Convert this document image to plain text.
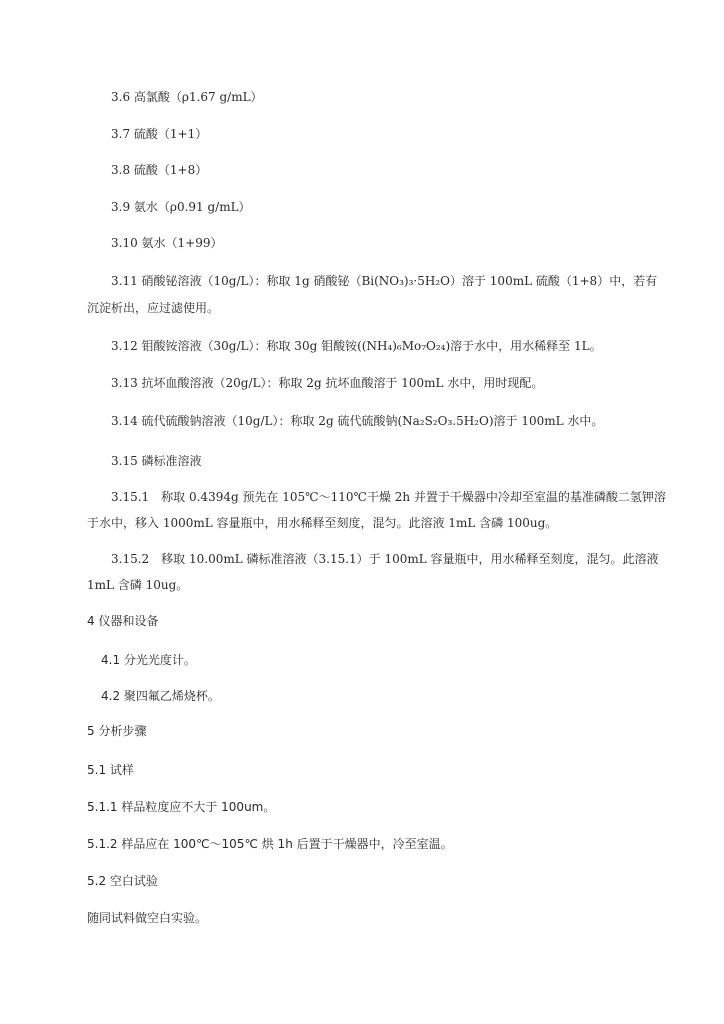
3.6 高氯酸（ρ1.67 g/mL）
3.7 硫酸（1+1）
3.8 硫酸（1+8）
3.9 氨水（ρ0.91 g/mL）
3.10 氨水（1+99）
3.11 硝酸铋溶液（10g/L）：称取 1g 硝酸铋（Bi(NO₃)₃·5H₂O）溶于 100mL 硫酸（1+8）中，若有
沉淀析出，应过滤使用。
3.12 钼酸铵溶液（30g/L）：称取 30g 钼酸铵((NH₄)₆Mo₇O₂₄)溶于水中，用水稀释至 1L。
3.13 抗坏血酸溶液（20g/L）：称取 2g 抗坏血酸溶于 100mL 水中，用时现配。
3.14 硫代硫酸钠溶液（10g/L）：称取 2g 硫代硫酸钠(Na₂S₂O₃.5H₂O)溶于 100mL 水中。
3.15 磷标准溶液
3.15.1　称取 0.4394g 预先在 105℃～110℃干燥 2h 并置于干燥器中冷却至室温的基准磷酸二氢钾溶
于水中，移入 1000mL 容量瓶中，用水稀释至刻度，混匀。此溶液 1mL 含磷 100ug。
3.15.2　移取 10.00mL 磷标准溶液（3.15.1）于 100mL 容量瓶中，用水稀释至刻度，混匀。此溶液
1mL 含磷 10ug。
4 仪器和设备
4.1 分光光度计。
4.2 聚四氟乙烯烧杯。
5 分析步骤
5.1 试样
5.1.1 样品粒度应不大于 100um。
5.1.2 样品应在 100℃～105℃ 烘 1h 后置于干燥器中，冷至室温。
5.2 空白试验
随同试料做空白实验。
